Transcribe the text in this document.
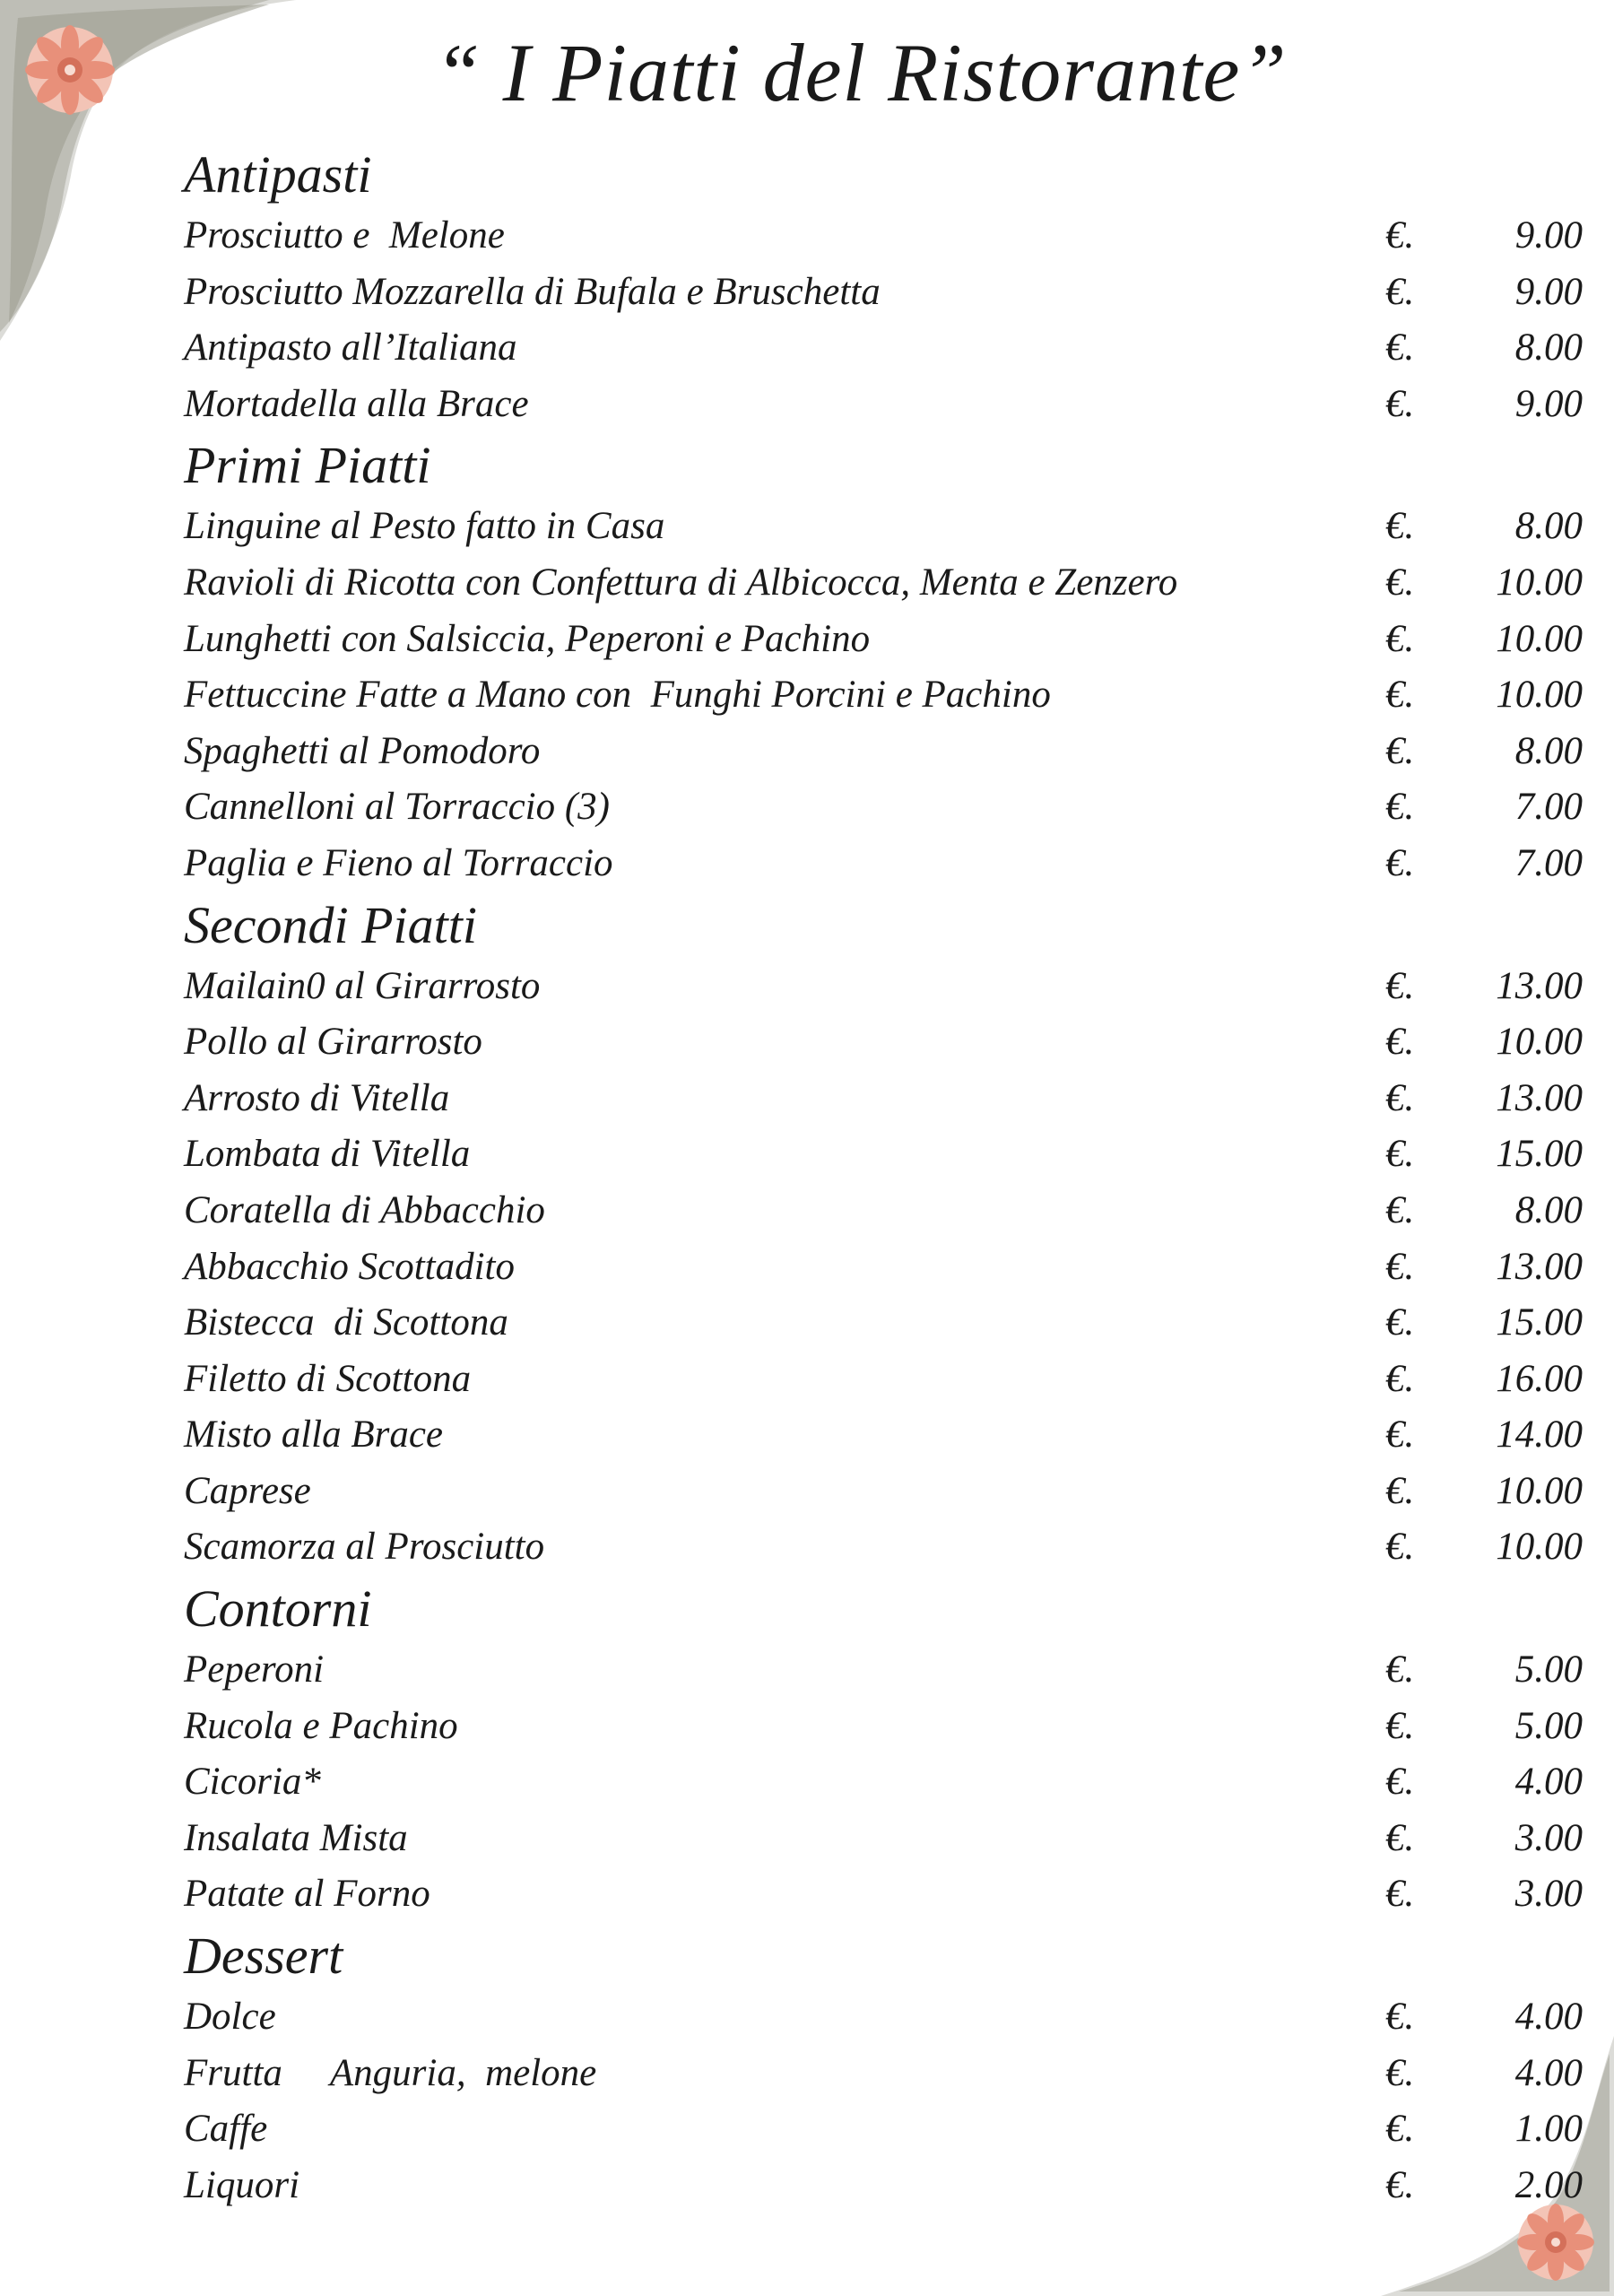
“ I Piatti del Ristorante”
Antipasti
Prosciutto e  Melone	€.	9.00
Prosciutto Mozzarella di Bufala e Bruschetta	€.	9.00
Antipasto all’Italiana	€.	8.00
Mortadella alla Brace	€.	9.00
Primi Piatti
Linguine al Pesto fatto in Casa	€.	8.00
Ravioli di Ricotta con Confettura di Albicocca, Menta e Zenzero	€.	10.00
Lunghetti con Salsiccia, Peperoni e Pachino	€.	10.00
Fettuccine Fatte a Mano con  Funghi Porcini e Pachino	€.	10.00
Spaghetti al Pomodoro	€.	8.00
Cannelloni al Torraccio (3)	€.	7.00
Paglia e Fieno al Torraccio	€.	7.00
Secondi Piatti
Mailain0 al Girarrosto	€.	13.00
Pollo al Girarrosto	€.	10.00
Arrosto di Vitella	€.	13.00
Lombata di Vitella	€.	15.00
Coratella di Abbacchio	€.	8.00
Abbacchio Scottadito	€.	13.00
Bistecca  di Scottona	€.	15.00
Filetto di Scottona	€.	16.00
Misto alla Brace	€.	14.00
Caprese	€.	10.00
Scamorza al Prosciutto	€.	10.00
Contorni
Peperoni	€.	5.00
Rucola e Pachino	€.	5.00
Cicoria*	€.	4.00
Insalata Mista	€.	3.00
Patate al Forno	€.	3.00
Dessert
Dolce	€.	4.00
Frutta     Anguria,  melone	€.	4.00
Caffe	€.	1.00
Liquori	€.	2.00
